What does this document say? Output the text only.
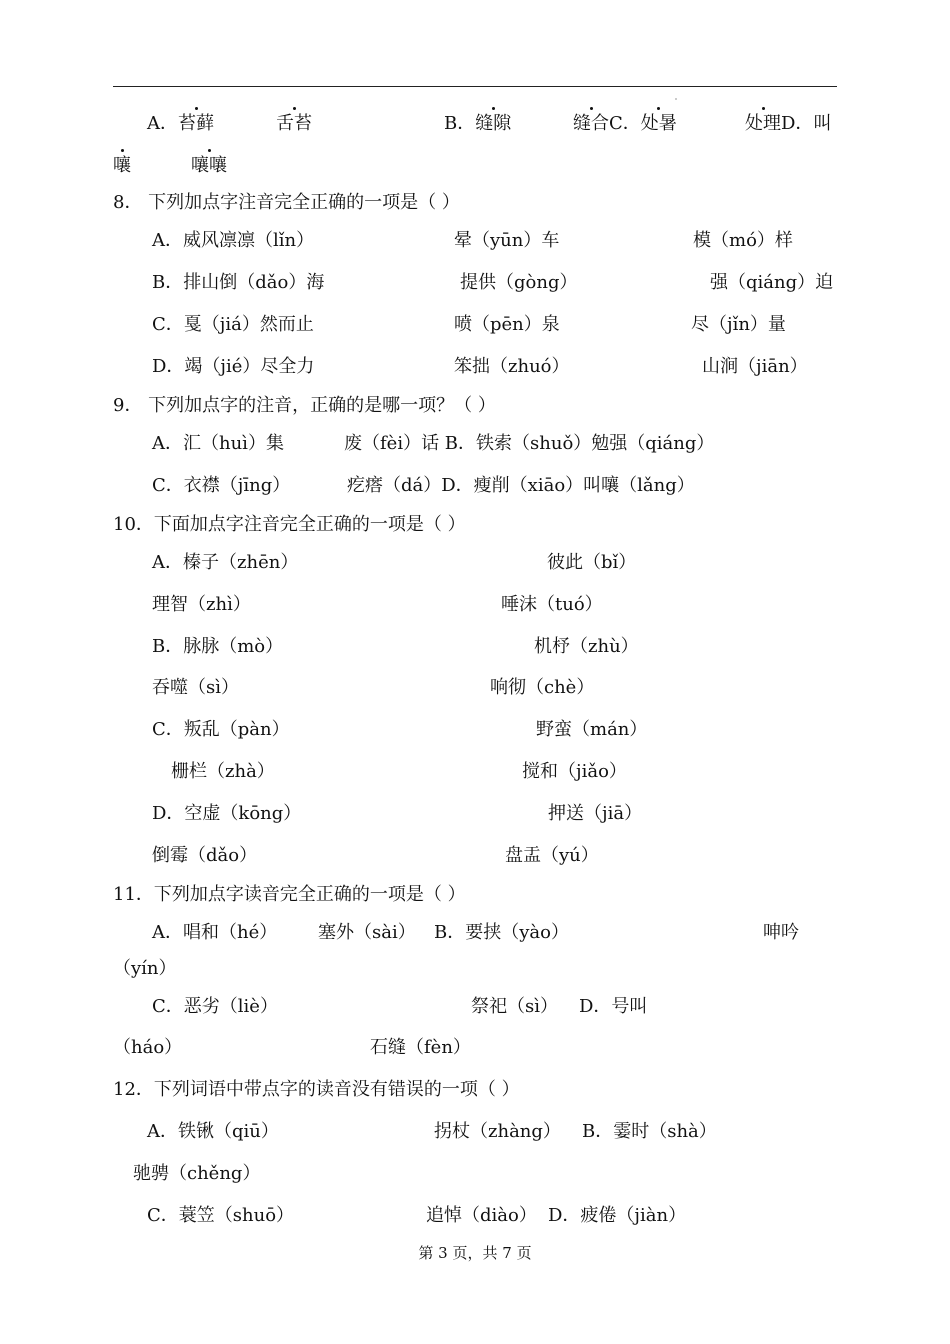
A．苔藓	舌苔	B．缝隙	缝合C．处暑	处理D．叫
嚷	嚷嚷
8． 下列加点字注音完全正确的一项是（ ）
A．威风凛凛（lǐn）	晕（yūn）车	模（mó）样
B．排山倒（dǎo）海	提供（gòng）	强（qiáng）迫
C．戛（jiá）然而止	喷（pēn）泉	尽（jǐn）量
D．竭（jié）尽全力	笨拙（zhuó）	山涧（jiān）
9． 下列加点字的注音，正确的是哪一项？（ ）
A．汇（huì）集	废（fèi）话 B．铁索（shuǒ）勉强（qiáng）
C．衣襟（jīng）	疙瘩（dá）D．瘦削（xiāo）叫嚷（lǎng）
10．下面加点字注音完全正确的一项是（ ）
A．榛子（zhēn）	彼此（bǐ）
理智（zhì）	唾沫（tuó）
B．脉脉（mò）	机杼（zhù）
吞噬（sì）	响彻（chè）
C．叛乱（pàn）	野蛮（mán）
栅栏（zhà）	搅和（jiǎo）
D．空虚（kōng）	押送（jiā）
倒霉（dǎo）	盘盂（yú）
11．下列加点字读音完全正确的一项是（ ）
A．唱和（hé） 塞外（sài） B．要挟（yào）	呻吟
（yín）
C．恶劣（liè）	祭祀（sì） D．号叫
（háo）	石缝（fèn）
12．下列词语中带点字的读音没有错误的一项（ ）
A．铁锹（qiū）	拐杖（zhàng） B．霎时（shà）
驰骋（chěng）
C．蓑笠（shuō）	追悼（diào） D．疲倦（jiàn）
第 3 页，共 7 页
